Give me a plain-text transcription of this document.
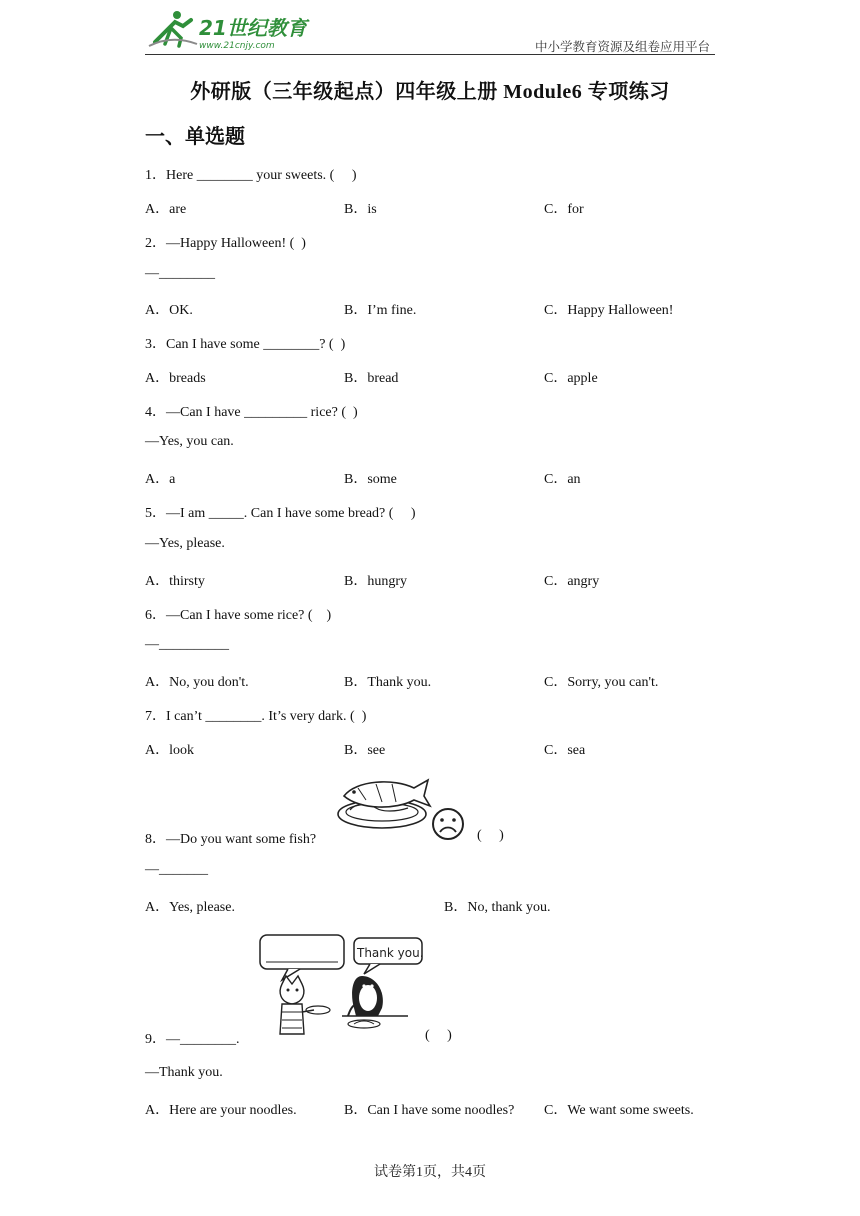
21世纪教育
www.21cnjy.com	中小学教育资源及组卷应用平台
外研版（三年级起点）四年级上册 Module6 专项练习
一、单选题
1．Here ________ your sweets. (     )
A．are	B．is	C．for
2．—Happy Halloween! (  )
—________
A．OK.	B．I’m fine.	C．Happy Halloween!
3．Can I have some ________? (  )
A．breads	B．bread	C．apple
4．—Can I have _________ rice? (  )
—Yes, you can.
A．a	B．some	C．an
5．—I am _____. Can I have some bread? (     )
—Yes, please.
A．thirsty	B．hungry	C．angry
6．—Can I have some rice? (    )
—__________
A．No, you don't.	B．Thank you.	C．Sorry, you can't.
7．I can’t ________. It’s very dark. (  )
A．look	B．see	C．sea
8．—Do you want some fish?	(     )
—_______
A．Yes, please.	B．No, thank you.
Thank you.
9．—________.	(     )
—Thank you.
A．Here are your noodles.	B．Can I have some noodles? C．We want some sweets.
试卷第1页，共4页
